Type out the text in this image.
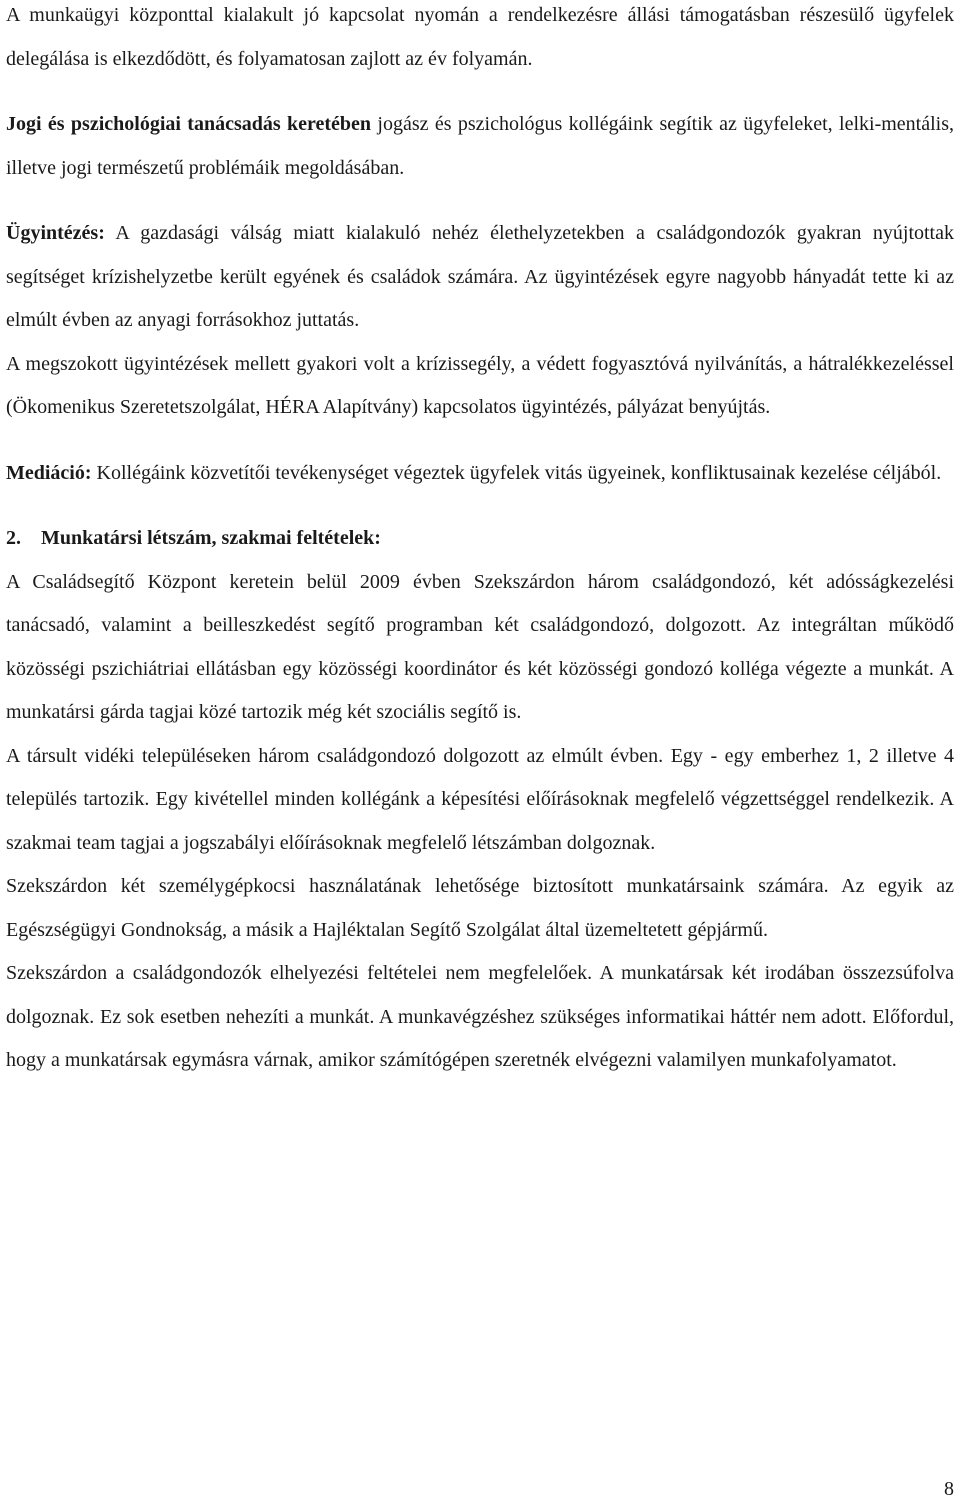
A munkaügyi központtal kialakult jó kapcsolat nyomán a rendelkezésre állási támogatásban részesülő ügyfelek delegálása is elkezdődött, és folyamatosan zajlott az év folyamán.

Jogi és pszichológiai tanácsadás keretében jogász és pszichológus kollégáink segítik az ügyfeleket, lelki-mentális, illetve jogi természetű problémáik megoldásában.

Ügyintézés: A gazdasági válság miatt kialakuló nehéz élethelyzetekben a családgondozók gyakran nyújtottak segítséget krízishelyzetbe került egyének és családok számára. Az ügyintézések egyre nagyobb hányadát tette ki az elmúlt évben az anyagi forrásokhoz juttatás.

A megszokott ügyintézések mellett gyakori volt a krízissegély, a védett fogyasztóvá nyilvánítás, a hátralékkezeléssel (Ökomenikus Szeretetszolgálat, HÉRA Alapítvány) kapcsolatos ügyintézés, pályázat benyújtás.

Mediáció: Kollégáink közvetítői tevékenységet végeztek ügyfelek vitás ügyeinek, konfliktusainak kezelése céljából.

2. Munkatársi létszám, szakmai feltételek:

A Családsegítő Központ keretein belül 2009 évben Szekszárdon három családgondozó, két adósságkezelési tanácsadó, valamint a beilleszkedést segítő programban két családgondozó, dolgozott. Az integráltan működő közösségi pszichiátriai ellátásban egy közösségi koordinátor és két közösségi gondozó kolléga végezte a munkát. A munkatársi gárda tagjai közé tartozik még két szociális segítő is.

A társult vidéki településeken három családgondozó dolgozott az elmúlt évben. Egy - egy emberhez 1, 2 illetve 4 település tartozik. Egy kivétellel minden kollégánk a képesítési előírásoknak megfelelő végzettséggel rendelkezik. A szakmai team tagjai a jogszabályi előírásoknak megfelelő létszámban dolgoznak.

Szekszárdon két személygépkocsi használatának lehetősége biztosított munkatársaink számára. Az egyik az Egészségügyi Gondnokság, a másik a Hajléktalan Segítő Szolgálat által üzemeltetett gépjármű.

Szekszárdon a családgondozók elhelyezési feltételei nem megfelelőek. A munkatársak két irodában összezsúfolva dolgoznak. Ez sok esetben nehezíti a munkát. A munkavégzéshez szükséges informatikai háttér nem adott. Előfordul, hogy a munkatársak egymásra várnak, amikor számítógépen szeretnék elvégezni valamilyen munkafolyamatot.

8
